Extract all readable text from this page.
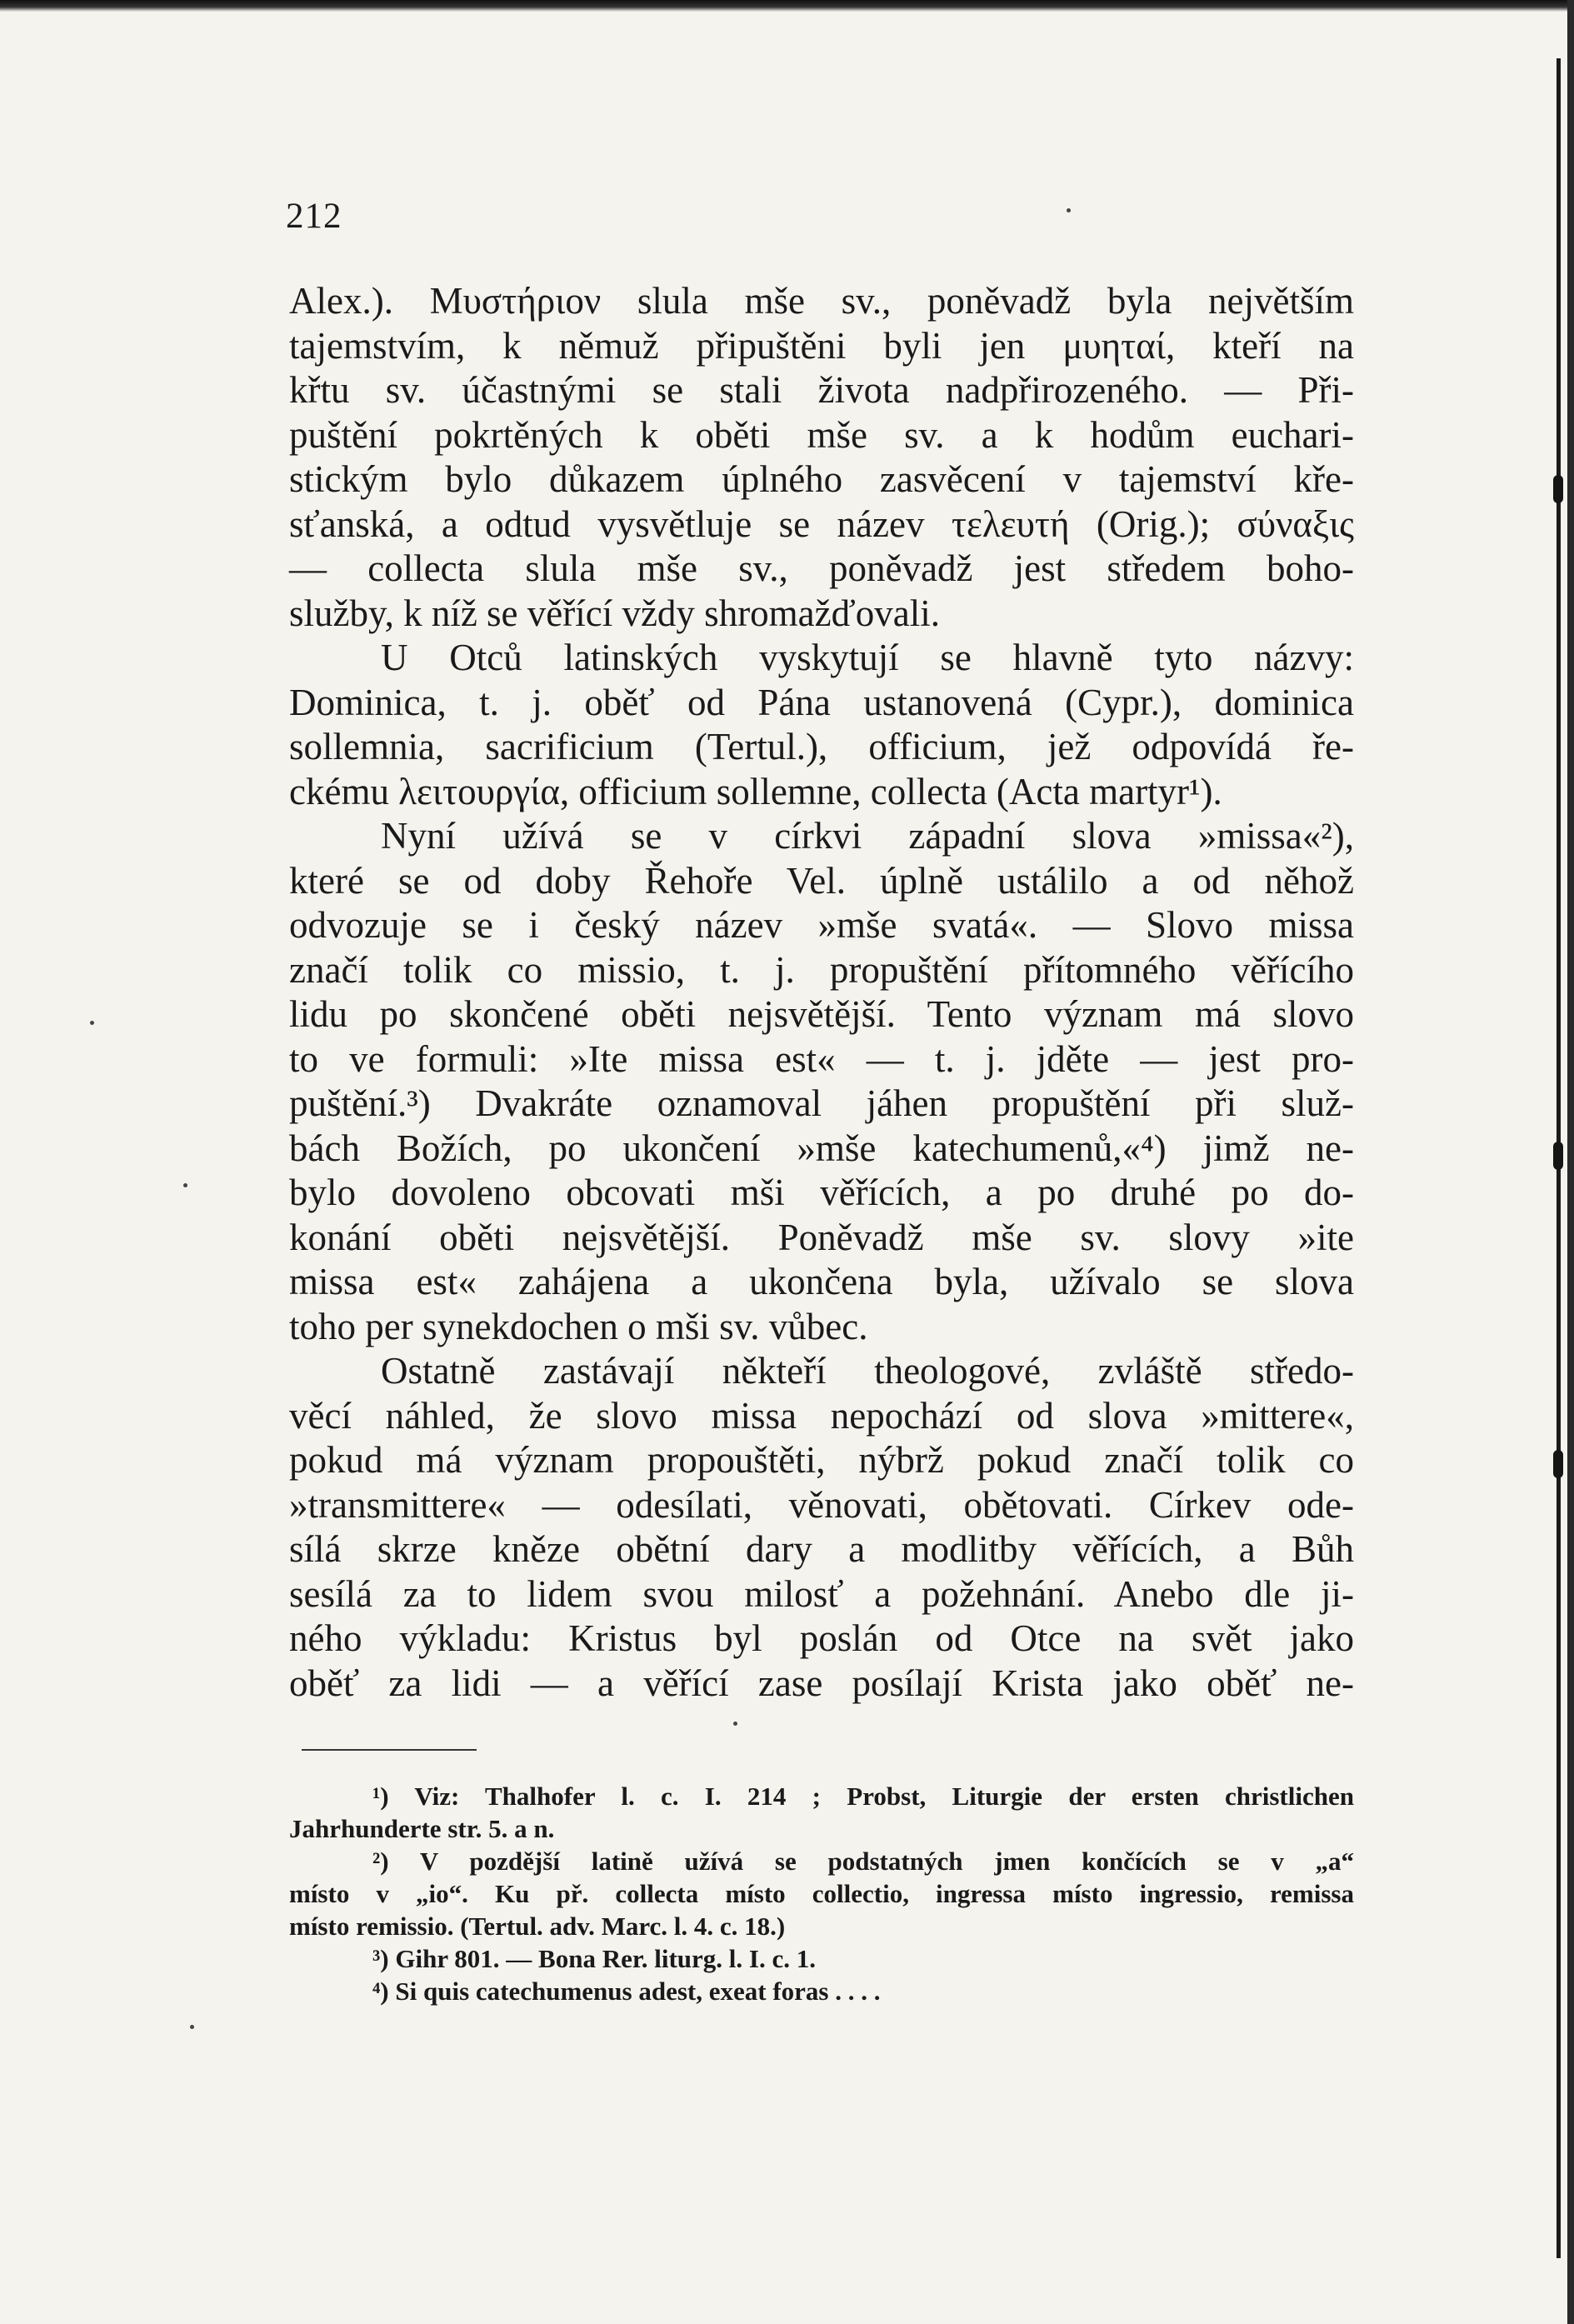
212
Alex.). Μυστήριον slula mše sv., poněvadž byla největším
tajemstvím, k němuž připuštěni byli jen μυηταί, kteří na
křtu sv. účastnými se stali života nadpřirozeného. — Při-
puštění pokrtěných k oběti mše sv. a k hodům euchari-
stickým bylo důkazem úplného zasvěcení v tajemství kře-
sťanská, a odtud vysvětluje se název τελευτή (Orig.); σύναξις
— collecta slula mše sv., poněvadž jest středem boho-
služby, k níž se věřící vždy shromažďovali.
U Otců latinských vyskytují se hlavně tyto názvy:
Dominica, t. j. oběť od Pána ustanovená (Cypr.), dominica
sollemnia, sacrificium (Tertul.), officium, jež odpovídá ře-
ckému λειτουργία, officium sollemne, collecta (Acta martyr¹).
Nyní užívá se v církvi západní slova »missa«²),
které se od doby Řehoře Vel. úplně ustálilo a od něhož
odvozuje se i český název »mše svatá«. — Slovo missa
značí tolik co missio, t. j. propuštění přítomného věřícího
lidu po skončené oběti nejsvětější. Tento význam má slovo
to ve formuli: »Ite missa est« — t. j. jděte — jest pro-
puštění.³) Dvakráte oznamoval jáhen propuštění při služ-
bách Božích, po ukončení »mše katechumenů,«⁴) jimž ne-
bylo dovoleno obcovati mši věřících, a po druhé po do-
konání oběti nejsvětější. Poněvadž mše sv. slovy »ite
missa est« zahájena a ukončena byla, užívalo se slova
toho per synekdochen o mši sv. vůbec.
Ostatně zastávají někteří theologové, zvláště středo-
věcí náhled, že slovo missa nepochází od slova »mittere«,
pokud má význam propouštěti, nýbrž pokud značí tolik co
»transmittere« — odesílati, věnovati, obětovati. Církev ode-
sílá skrze kněze obětní dary a modlitby věřících, a Bůh
sesílá za to lidem svou milosť a požehnání. Anebo dle ji-
ného výkladu: Kristus byl poslán od Otce na svět jako
oběť za lidi — a věřící zase posílají Krista jako oběť ne-
¹) Viz: Thalhofer l. c. I. 214 ; Probst, Liturgie der ersten christlichen
Jahrhunderte str. 5. a n.
²) V pozdější latině užívá se podstatných jmen končících se v „a“
místo v „io“. Ku př. collecta místo collectio, ingressa místo ingressio, remissa
místo remissio. (Tertul. adv. Marc. l. 4. c. 18.)
³) Gihr 801. — Bona Rer. liturg. l. I. c. 1.
⁴) Si quis catechumenus adest, exeat foras . . . .
